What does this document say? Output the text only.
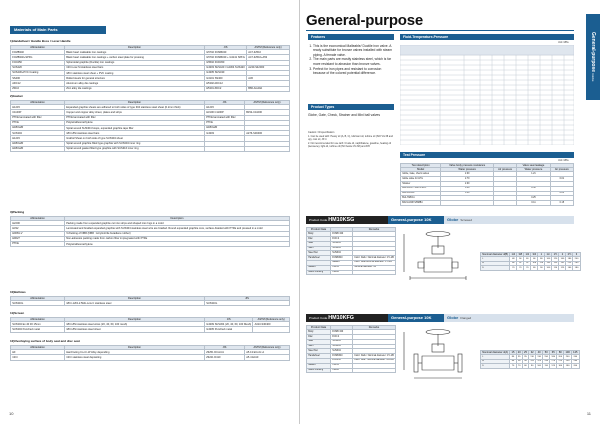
Materials of Main Parts
1)Handwheel / Handle Boss / Lever Handle
Abbreviation	Description	JIS	ASTM (Reference only)
FCMB340	Black heart malleable iron castings	G5702 FCMB340	A47-32510
FCMB340+SPFG	Black heart malleable iron castings + carbon steel plate for pressing	G5702 FCMB340 + G3141 SPFG	A47-32510+A53
FCD450	Spheroidal graphite (Ductile) iron castings	G5502 FCD450	
SUS420	13Cr-Low Si stainless steel bars	G4303 SUS420 / G4304 SUS420	A240-S42000
SUS430+PVC Coating	18Cr stainless steel sheet + PVC coating	G4305 SUS430	
SS400	Rolled steels for general structure	G3101 SS400	A36
ADC12	Aluminum alloy die castings	H5302 ADC12	
ZDC2	Zinc alloy die castings	H5301 ZDC2	B86-AG40A
2)Gasket
Abbreviation	Description	JIS	ASTM (Reference only)
H1215	Expanded graphite sheets are adhered to both sides of type 304 stainless steel sheet (0.2mm thick)	H1215	
C1100P	Copper and copper alloy sheet, plates and strips	H3100 C1100P	B152-C11000
PTFE laminated with filler	PTFE laminated with filler	PTFE laminated with filler	
PTFE	Polytetrafluoroethylene	PTFE	
H1BIG2R	Spiral wound SUS304 hoops, expanded graphite tape filler	H1BIG2R	
SUS304	18Cr-8Ni stainless steel bars	G4303	A276-S30400
H1215	Graftoil Sheet on both side of type SUS304 sheet		
H1BIG2R	Spiral wound graphite filled type graphite with SUS304 inner ring		
H1BIG2R	Spiral wound gasket filled type graphite with SUS316 inner ring		
3)Packing
Abbreviation	Description
H2200	Packing made from expanded graphite cut into strips and shaped into rings in a mold
H332	Laminated and braided expanded graphite with SUS304 stainless steel wire are braided. Round expanded graphite core, surface-braided with PTFE and pressed in a mold
H0081-V	V-Packing of NBR (NBR : Acrylonitrile butadiene rubber)
H9627	Non-asbestos packing made from carbon fiber impregnated with PTFE
PTFE	Polytetrafluoroethylene
10)Bellows
Abbreviation	Description	JIS
SUS316L	18Cr-12Ni-2.5Mo-Low C stainless steel	SUS316L
11)Screen
Abbreviation	Description	JIS	ASTM (Reference only)
SUS304 Ex.40 30 15mm	18Cr-8Ni stainless steel wires (20, 40, 60, 100 mesh)	G4309 SUS304 (20, 40, 60, 100 Mesh)	A313-S30400
SUS304 Punched metal	18Cr-8Ni stainless steel sheet	G4305 Punched metal	
12)Overlaying surface of body seat and disc seat
Abbreviation	Description	JIS	ASTM (Reference only)
HF	Hard facing Co-Cr-W Alloy depending	Z3251 DCoCrA	A5.13 ECoCr-A
13Cr	13Cr stainless steel depositing	Z3221 D410	A5.4 E410
10
General-purpose
General-purpose Globe
Features
1. This is the economical Malleable/ Ductile iron valve. A ready substitute for bronze valves installed with steam piping. A female valve.
2. The main parts are mostly stainless steel, which is far more resistant to abrasion than bronze valves.
3. Perfect for iron pipes and resistant to corrosion because of the colored potential difference.
Product Types
Globe, Gate, Check, Strainer and Mini ball valves
Caution: Oil specification
1. Can be used with: Heavy oil (A, B, C), lubricant oil, turbine oil (ISO VG 68 and up), cost oil, JP-4
2. Not recommended for use with: Crude oil, naphthalene, gasoline, heating oil (kerosene), light oil, turbine oil (ISO below VG 68) and ATF
Fluid-Temperature-Pressure
Unit: MPa
Test Pressure
Unit: MPa
Test description	Valve body pressure resistance		Valve seat leakage	
Model	Water pressure	Air pressure	Water pressure	Air pressure
Globe, Gate, check valves	2.00		1.21	
Globe valve for LPG	2.70			0.01
Strainer	2.00			
BAV1-MX771/BV1-SFC	3.10		0.50	
BAV1-MX11	3.10			0.01
BL4-HMC11			0.25	
BAV1-M4371/BMB4			0.11	0.15
Product Code HM10KSG	General-purpose 10K	Globe Screwed
Product Data		Remarks
Body	FCMB 340	
Disc	FCD-S	
Seat	SUS403	
Stem	SUS403	
Steel Nut	SUS304	
Handwheel	FCMB340	Color: Dark / Nominal diameter: 1½-2B
	Gasket	Color: Red/Nominal diameter: 1½-2B
Gasket	H1215	Nominal diameter: 20
Gland Packing	H2200	
Nominal diameter d(B)	1/4	3/8	1/2	3/4	1	1¼	1½	2	2½	3
L	48	56	60	66	80	100	120	140	180	200
H	86	92	92	108	126	145	159	192	223	260
D	70	70	70	80	90	100	110	125	160	180
Product Code HM10KFG	General-purpose 10K	Globe Flanged
Product Data		Remarks
Body	FCMB 340	
Disc	FCD-S	
Seat	SUS403	
Stem	SUS403	
Steel Nut	SUS304	
Handwheel	FCMB340	Color: Dark / Nominal diameter: 1½-2B
	FCD450	Color: Red / Nominal diameter: 65-80A
Gasket	H1215	
Gland Packing	H2200	
Nominal diameter d(A)	15	20	25	32	40	50	65	80	100	125
L	86	95	95	110	130	150	180	200	240	260
H	88	98	98	120	129	158	179	215	260	280
D	70	70	80	90	100	110	125	160	180	200
11
